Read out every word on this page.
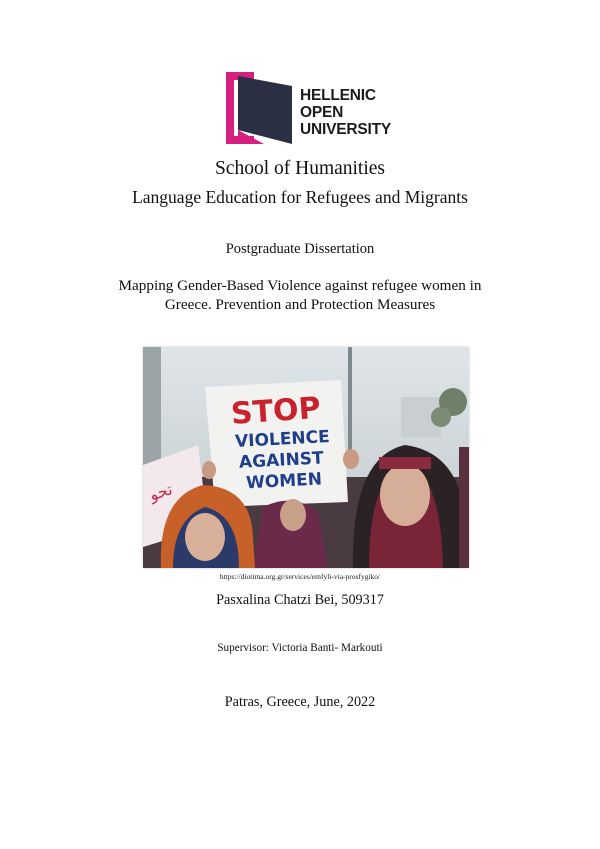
HELLENIC
OPEN
UNIVERSITY
School of Humanities
Language Education for Refugees and Migrants
Postgraduate Dissertation
Mapping Gender-Based Violence against refugee women in
Greece. Prevention and Protection Measures
ﺗﺤﻮ
STOP
VIOLENCE
AGAINST
WOMEN
https://diotima.org.gr/services/emfyli-via-prosfygiko/
Pasxalina Chatzi Bei, 509317
Supervisor: Victoria Banti- Markouti
Patras, Greece, June, 2022
